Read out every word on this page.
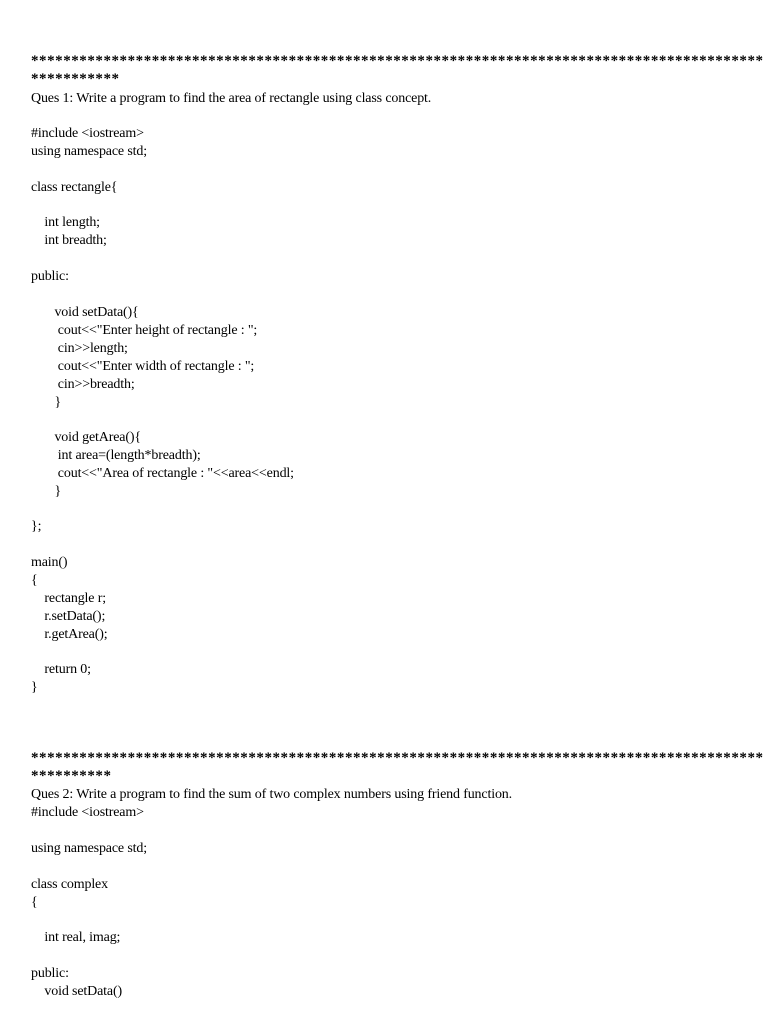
*******************************************************************************************
***********
Ques 1: Write a program to find the area of rectangle using class concept.
#include <iostream>
using namespace std;
class rectangle{
int length;
int breadth;
public:
void setData(){
cout<<"Enter height of rectangle : ";
cin>>length;
cout<<"Enter width of rectangle : ";
cin>>breadth;
}
void getArea(){
int area=(length*breadth);
cout<<"Area of rectangle : "<<area<<endl;
}
};
main()
{
rectangle r;
r.setData();
r.getArea();
return 0;
}
*******************************************************************************************
**********
Ques 2: Write a program to find the sum of two complex numbers using friend function.
#include <iostream>
using namespace std;
class complex
{
int real, imag;
public:
void setData()
